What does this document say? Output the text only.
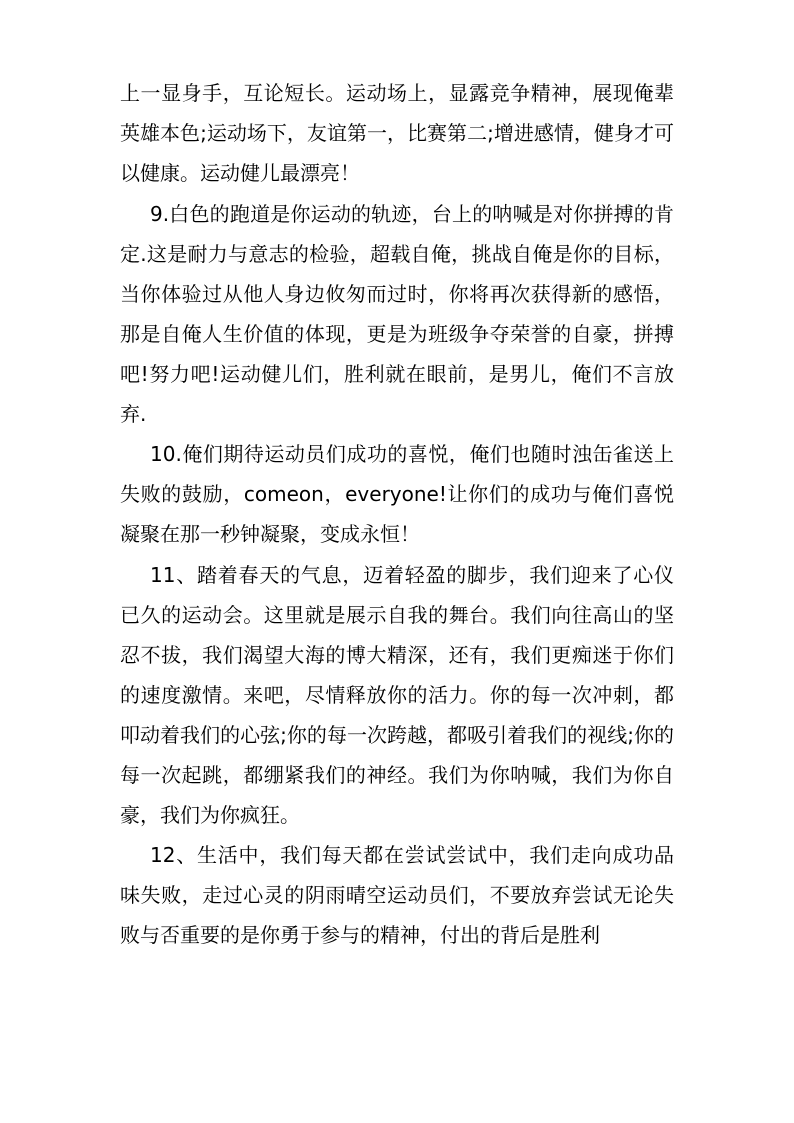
上一显身手，互论短长。运动场上，显露竞争精神，展现俺辈英雄本色;运动场下，友谊第一，比赛第二;增进感情，健身才可以健康。运动健儿最漂亮！

9.白色的跑道是你运动的轨迹，台上的呐喊是对你拼搏的肯定.这是耐力与意志的检验，超载自俺，挑战自俺是你的目标，当你体验过从他人身边攸匆而过时，你将再次获得新的感悟，那是自俺人生价值的体现，更是为班级争夺荣誉的自豪，拼搏吧!努力吧!运动健儿们，胜利就在眼前，是男儿，俺们不言放弃.

10.俺们期待运动员们成功的喜悦，俺们也随时浊缶雀送上失败的鼓励，comeon，everyone!让你们的成功与俺们喜悦凝聚在那一秒钟凝聚，变成永恒！

11、踏着春天的气息，迈着轻盈的脚步，我们迎来了心仪已久的运动会。这里就是展示自我的舞台。我们向往高山的坚忍不拔，我们渴望大海的博大精深，还有，我们更痴迷于你们的速度激情。来吧，尽情释放你的活力。你的每一次冲刺，都叩动着我们的心弦;你的每一次跨越，都吸引着我们的视线;你的每一次起跳，都绷紧我们的神经。我们为你呐喊，我们为你自豪，我们为你疯狂。

12、生活中，我们每天都在尝试尝试中，我们走向成功品味失败，走过心灵的阴雨晴空运动员们，不要放弃尝试无论失败与否重要的是你勇于参与的精神，付出的背后是胜利
